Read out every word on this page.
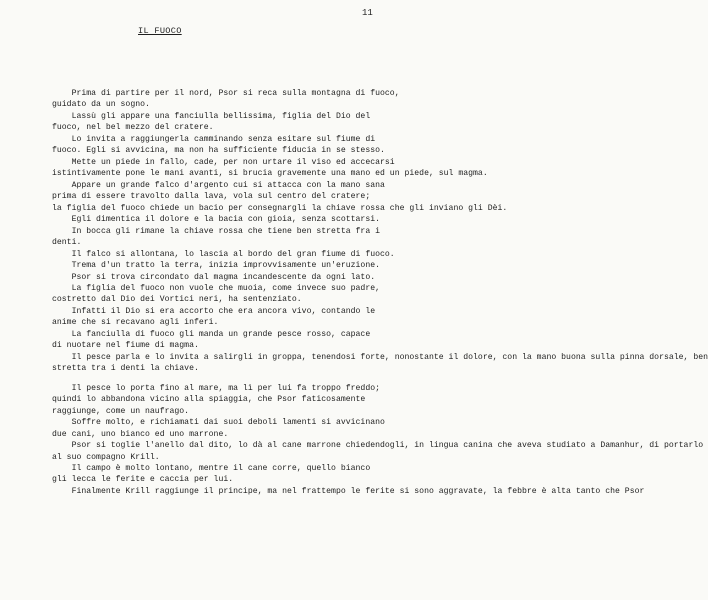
11
IL FUOCO
Prima di partire per il nord, Psor si reca sulla montagna di fuoco,
guidato da un sogno.
Lassù gli appare una fanciulla bellissima, figlia del Dio del
fuoco, nel bel mezzo del cratere.
Lo invita a raggiungerla camminando senza esitare sul fiume di
fuoco. Egli si avvicina, ma non ha sufficiente fiducia in se stesso.
Mette un piede in fallo, cade, per non urtare il viso ed accecarsi
istintivamente pone le mani avanti, si brucia gravemente una mano ed un piede, sul magma.
Appare un grande falco d'argento cui si attacca con la mano sana
prima di essere travolto dalla lava, vola sul centro del cratere;
la figlia del fuoco chiede un bacio per consegnargli la chiave rossa che gli inviano gli Dèi.
Egli dimentica il dolore e la bacia con gioia, senza scottarsi.
In bocca gli rimane la chiave rossa che tiene ben stretta fra i
denti.
Il falco si allontana, lo lascia al bordo del gran fiume di fuoco.
Trema d'un tratto la terra, inizia improvvisamente un'eruzione.
Psor si trova circondato dal magma incandescente da ogni lato.
La figlia del fuoco non vuole che muoia, come invece suo padre,
costretto dal Dio dei Vortici neri, ha sentenziato.
Infatti il Dio si era accorto che era ancora vivo, contando le
anime che si recavano agli inferi.
La fanciulla di fuoco gli manda un grande pesce rosso, capace
di nuotare nel fiume di magma.
Il pesce parla e lo invita a salirgli in groppa, tenendosi forte, nonostante il dolore, con la mano buona sulla pinna dorsale, ben
stretta tra i denti la chiave.
Il pesce lo porta fino al mare, ma lì per lui fa troppo freddo;
quindi lo abbandona vicino alla spiaggia, che Psor faticosamente
raggiunge, come un naufrago.
Soffre molto, e richiamati dai suoi deboli lamenti si avvicinano
due cani, uno bianco ed uno marrone.
Psor si toglie l'anello dal dito, lo dà al cane marrone chiedendogli, in lingua canina che aveva studiato a Damanhur, di portarlo
al suo compagno Krill.
Il campo è molto lontano, mentre il cane corre, quello bianco
gli lecca le ferite e caccia per lui.
Finalmente Krill raggiunge il principe, ma nel frattempo le ferite si sono aggravate, la febbre è alta tanto che Psor
